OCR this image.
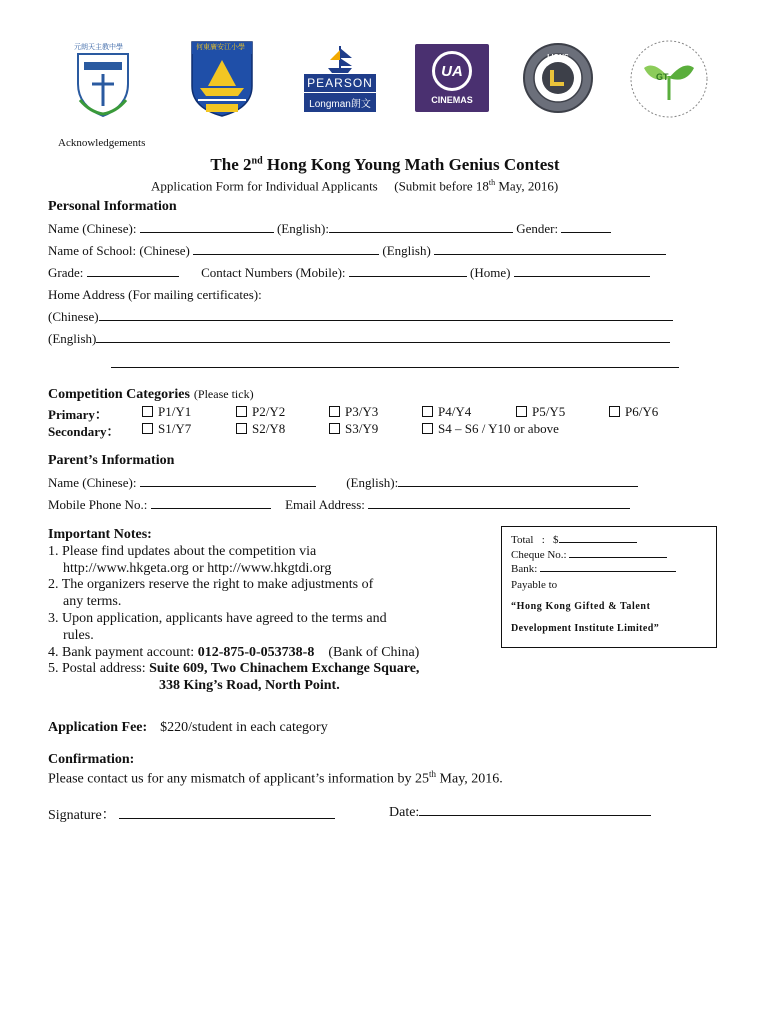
元朗天主教中學	何東廣安江小學
PEARSON
Longman朗文
UA
CINEMAS
LIONS
GT
Acknowledgements
The 2nd Hong Kong Young Math Genius Contest
Application Form for Individual Applicants (Submit before 18th May, 2016)
Personal Information
Name (Chinese):	(English):	Gender:
Name of School: (Chinese)	(English)
Grade:	Contact Numbers (Mobile):	(Home)
Home Address (For mailing certificates):
(Chinese)
(English)
Competition Categories (Please tick)
Primary：	P1/Y1	P2/Y2	P3/Y3	P4/Y4	P5/Y5	P6/Y6
Secondary：	S1/Y7	S2/Y8	S3/Y9	S4 – S6 / Y10 or above
Parent’s Information
Name (Chinese):	(English):
Mobile Phone No.:	Email Address:
Important Notes:
1. Please find updates about the competition via
http://www.hkgeta.org or http://www.hkgtdi.org
2. The organizers reserve the right to make adjustments of
any terms.
3. Upon application, applicants have agreed to the terms and
rules.
4. Bank payment account: 012-875-0-053738-8    (Bank of China)
5. Postal address: Suite 609, Two Chinachem Exchange Square,
338 King’s Road, North Point.
Total   :   $
Cheque No.:
Bank:
Payable to
“Hong Kong Gifted & Talent
Development Institute Limited”
Application Fee: $220/student in each category
Confirmation:
Please contact us for any mismatch of applicant’s information by 25th May, 2016.
Signature：	Date:
